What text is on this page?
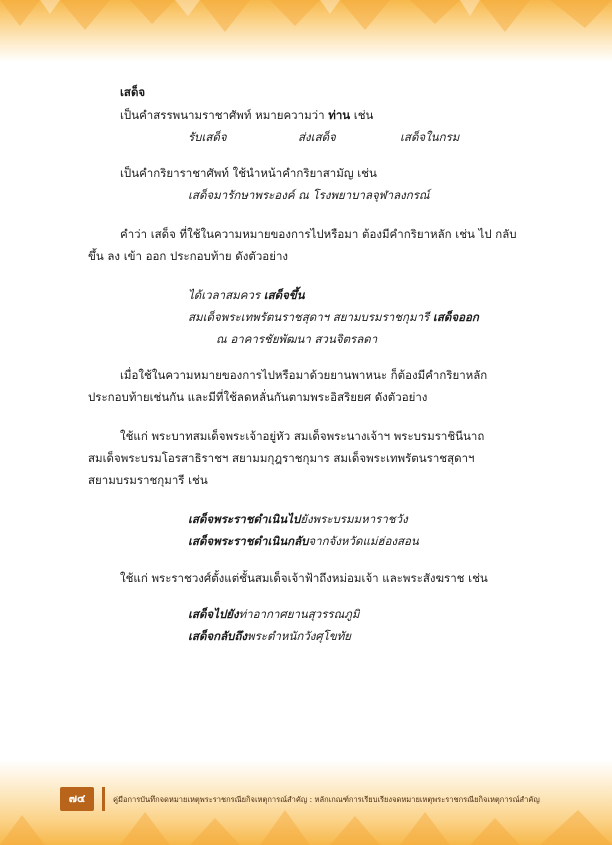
เสด็จ
เป็นคำสรรพนามราชาศัพท์ หมายความว่า ท่าน เช่น
รับเสด็จ	ส่งเสด็จ	เสด็จในกรม
เป็นคำกริยาราชาศัพท์ ใช้นำหน้าคำกริยาสามัญ เช่น
เสด็จมารักษาพระองค์ ณ โรงพยาบาลจุฬาลงกรณ์
คำว่า เสด็จ ที่ใช้ในความหมายของการไปหรือมา ต้องมีคำกริยาหลัก เช่น ไป กลับ
ขึ้น ลง เข้า ออก ประกอบท้าย ดังตัวอย่าง
ได้เวลาสมควร เสด็จขึ้น
สมเด็จพระเทพรัตนราชสุดาฯ สยามบรมราชกุมารี เสด็จออก
ณ อาคารชัยพัฒนา สวนจิตรลดา
เมื่อใช้ในความหมายของการไปหรือมาด้วยยานพาหนะ ก็ต้องมีคำกริยาหลัก
ประกอบท้ายเช่นกัน และมีที่ใช้ลดหลั่นกันตามพระอิสริยยศ ดังตัวอย่าง
ใช้แก่ พระบาทสมเด็จพระเจ้าอยู่หัว สมเด็จพระนางเจ้าฯ พระบรมราชินีนาถ
สมเด็จพระบรมโอรสาธิราชฯ สยามมกุฎราชกุมาร สมเด็จพระเทพรัตนราชสุดาฯ
สยามบรมราชกุมารี เช่น
เสด็จพระราชดำเนินไปยังพระบรมมหาราชวัง
เสด็จพระราชดำเนินกลับจากจังหวัดแม่ฮ่องสอน
ใช้แก่ พระราชวงศ์ตั้งแต่ชั้นสมเด็จเจ้าฟ้าถึงหม่อมเจ้า และพระสังฆราช เช่น
เสด็จไปยังท่าอากาศยานสุวรรณภูมิ
เสด็จกลับถึงพระตำหนักวังศุโขทัย
๗๔	คู่มือการบันทึกจดหมายเหตุพระราชกรณียกิจเหตุการณ์สำคัญ : หลักเกณฑ์การเรียบเรียงจดหมายเหตุพระราชกรณียกิจเหตุการณ์สำคัญ
